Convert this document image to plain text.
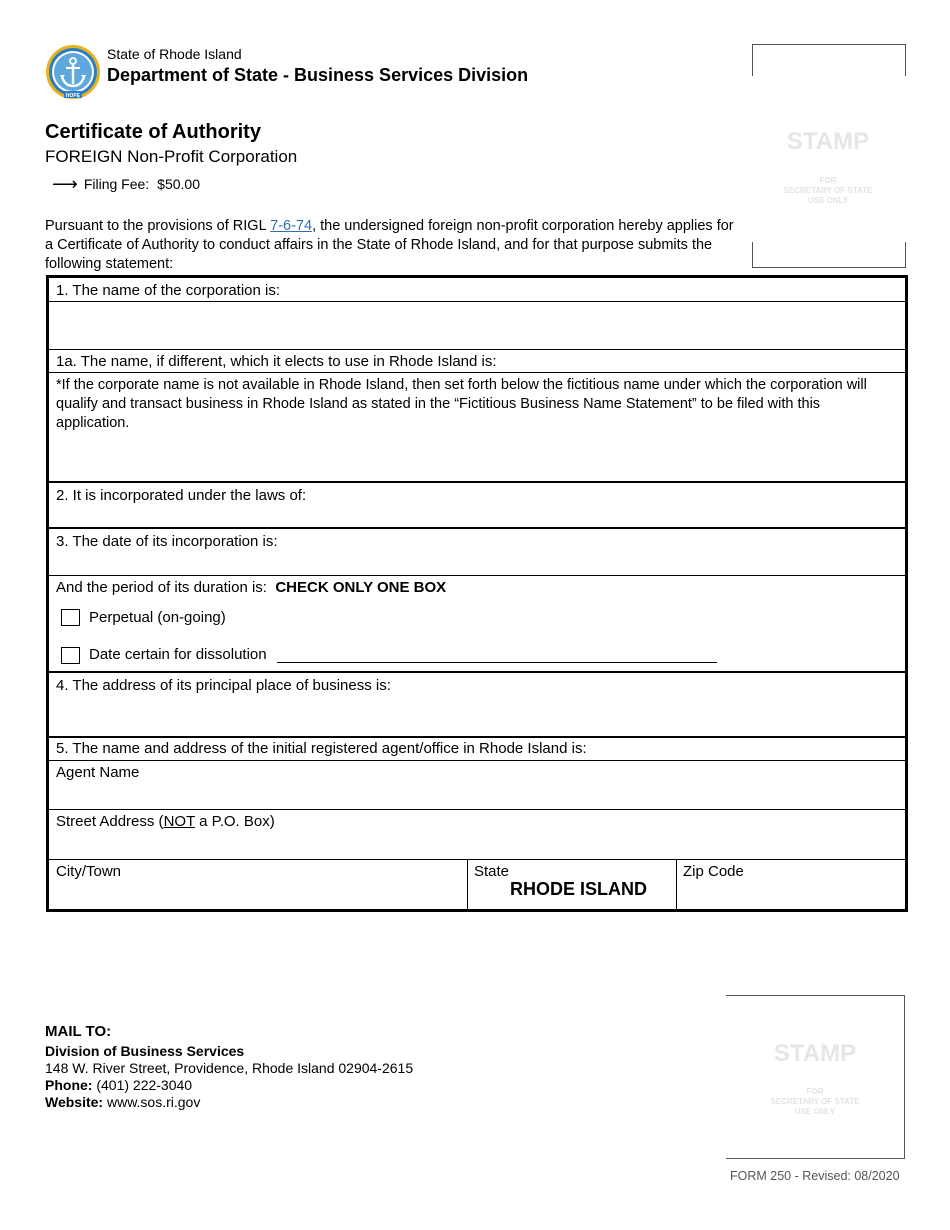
HOPE
State of Rhode Island
Department of State - Business Services Division
STAMP
FOR
SECRETARY OF STATE
USE ONLY
Certificate of Authority
FOREIGN Non-Profit Corporation
⟶ Filing Fee: $50.00
Pursuant to the provisions of RIGL 7-6-74, the undersigned foreign non-profit corporation hereby applies for a Certificate of Authority to conduct affairs in the State of Rhode Island, and for that purpose submits the following statement:
1. The name of the corporation is:
1a. The name, if different, which it elects to use in Rhode Island is:
*If the corporate name is not available in Rhode Island, then set forth below the fictitious name under which the corporation will qualify and transact business in Rhode Island as stated in the “Fictitious Business Name Statement” to be filed with this application.
2. It is incorporated under the laws of:
3. The date of its incorporation is:
And the period of its duration is: CHECK ONLY ONE BOX
Perpetual (on-going)
Date certain for dissolution
4. The address of its principal place of business is:
5. The name and address of the initial registered agent/office in Rhode Island is:
Agent Name
Street Address (NOT a P.O. Box)
City/Town	State
RHODE ISLAND
Zip Code
MAIL TO:
Division of Business Services
148 W. River Street, Providence, Rhode Island 02904-2615
Phone: (401) 222-3040
Website: www.sos.ri.gov
STAMP
FOR
SECRETARY OF STATE
USE ONLY
FORM 250 - Revised: 08/2020
